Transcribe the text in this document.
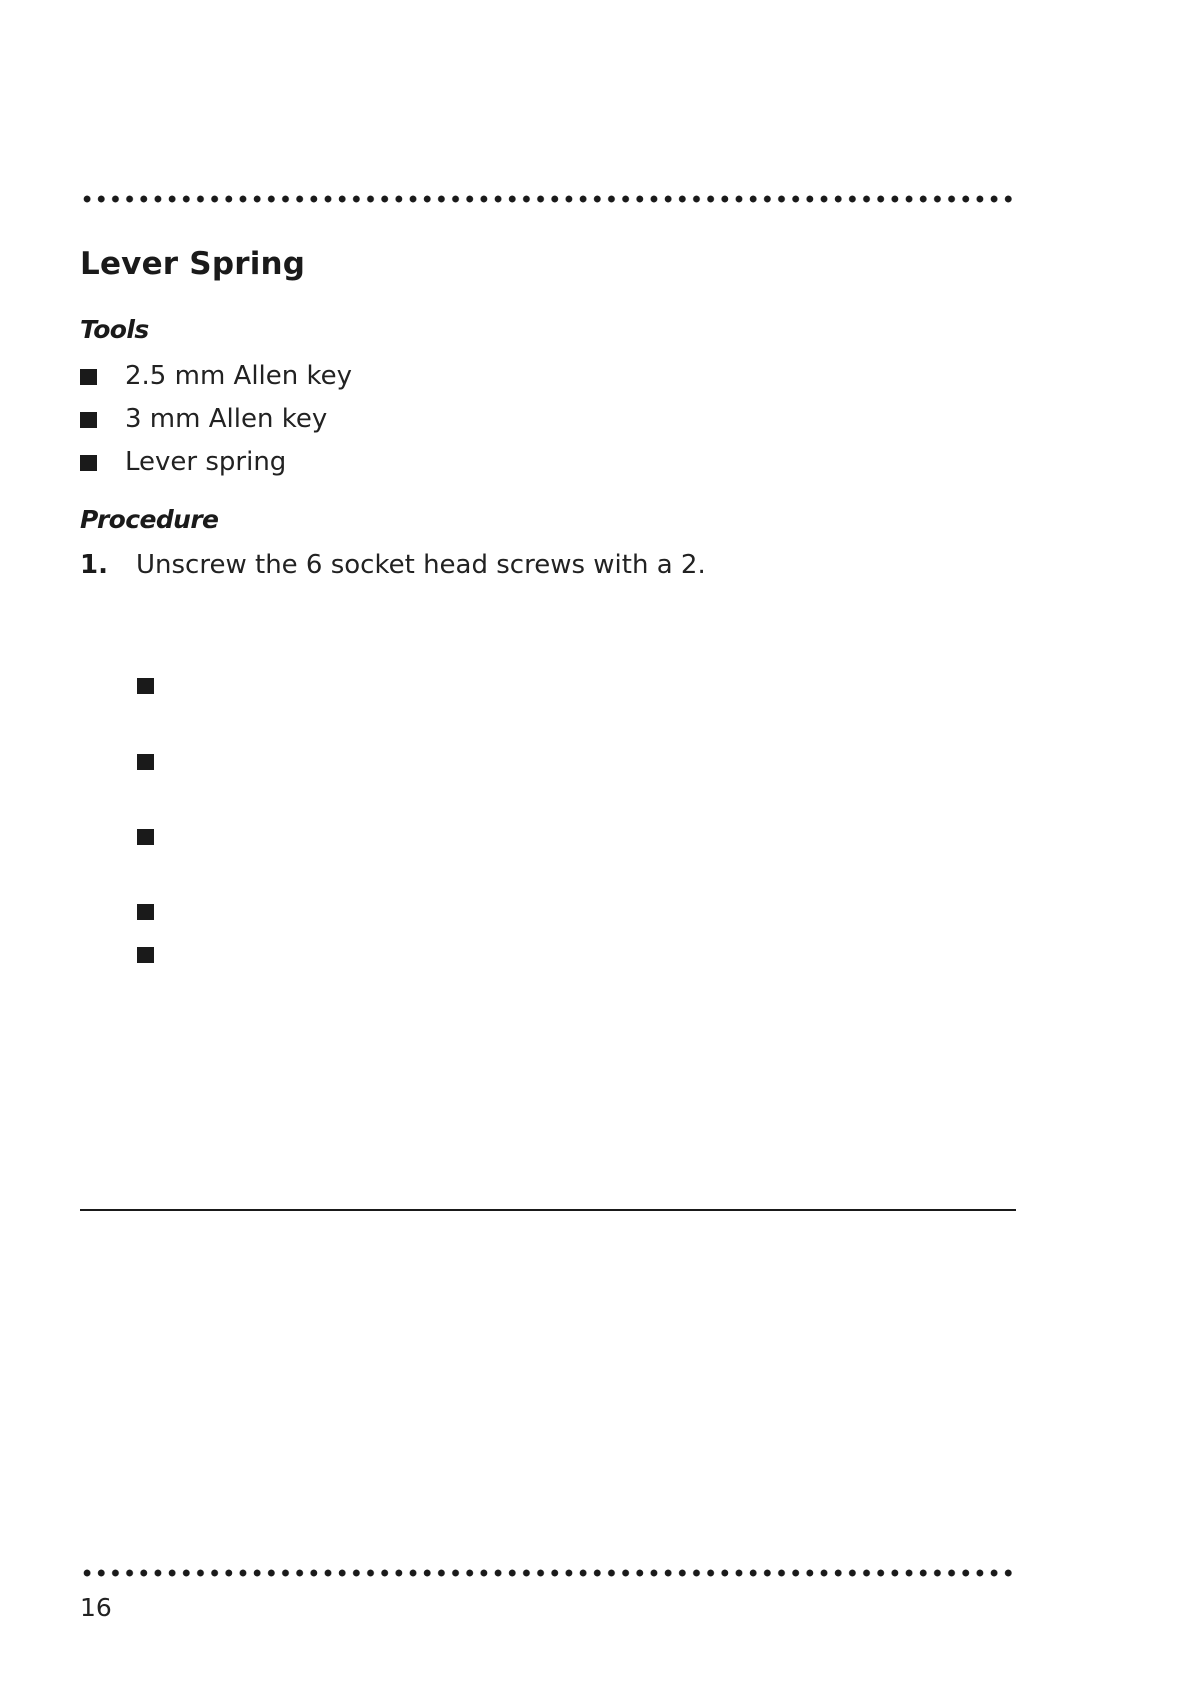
Lever Spring
Tools
2.5 mm Allen key
3 mm Allen key
Lever spring
Procedure
1. Unscrew the 6 socket head screws with a 2.
16
